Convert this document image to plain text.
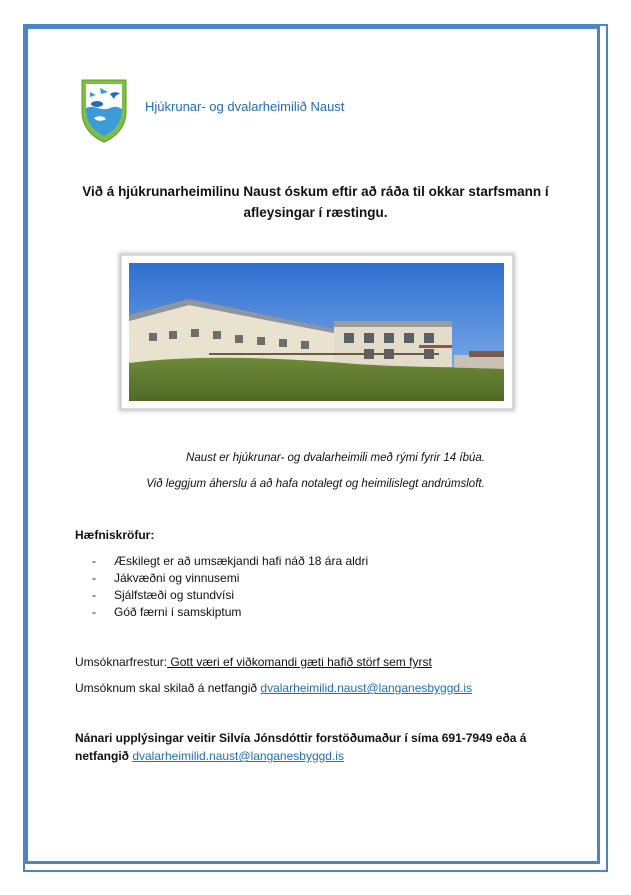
Hjúkrunar- og dvalarheimilið Naust
Við á hjúkrunarheimilinu Naust óskum eftir að ráða til okkar starfsmann í
afleysingar í ræstingu.
Naust er hjúkrunar- og dvalarheimili með rými fyrir 14 íbúa.
Við leggjum áherslu á að hafa notalegt og heimilislegt andrúmsloft.
Hæfniskröfur:
- Æskilegt er að umsækjandi hafi náð 18 ára aldri
- Jákvæðni og vinnusemi
- Sjálfstæði og stundvísi
- Góð færni í samskiptum
Umsóknarfrestur: Gott væri ef viðkomandi gæti hafið störf sem fyrst
Umsóknum skal skilað á netfangið dvalarheimilid.naust@langanesbyggd.is
Nánari upplýsingar veitir Silvía Jónsdóttir forstöðumaður í síma 691-7949 eða á netfangið dvalarheimilid.naust@langanesbyggd.is
